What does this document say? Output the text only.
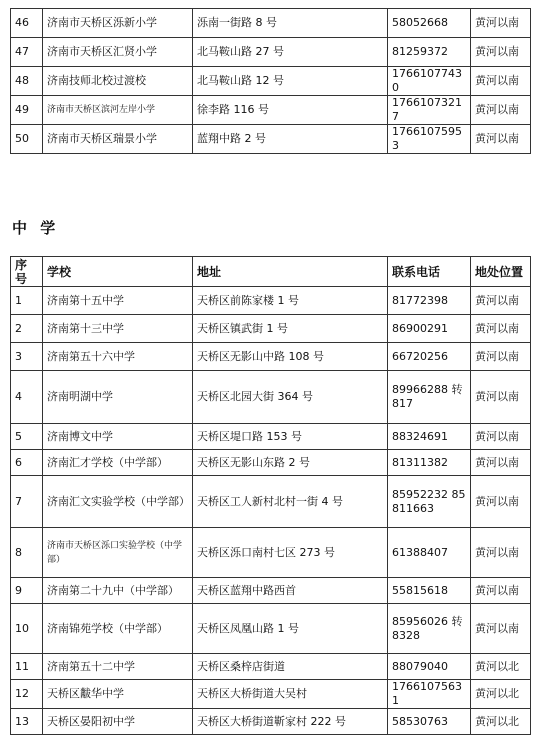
46	济南市天桥区泺新小学	泺南一街路 8 号	58052668	黄河以南
47	济南市天桥区汇贤小学	北马鞍山路 27 号	81259372	黄河以南
48	济南技师北校过渡校	北马鞍山路 12 号	17661077430	黄河以南
49	济南市天桥区滨河左岸小学	徐李路 116 号	17661073217	黄河以南
50	济南市天桥区瑞景小学	蓝翔中路 2 号	17661075953	黄河以南
中 学
序号	学校	地址	联系电话	地处位置
1	济南第十五中学	天桥区前陈家楼 1 号	81772398	黄河以南
2	济南第十三中学	天桥区镇武街 1 号	86900291	黄河以南
3	济南第五十六中学	天桥区无影山中路 108 号	66720256	黄河以南
4	济南明湖中学	天桥区北园大街 364 号	89966288 转 817	黄河以南
5	济南博文中学	天桥区堤口路 153 号	88324691	黄河以南
6	济南汇才学校（中学部）	天桥区无影山东路 2 号	81311382	黄河以南
7	济南汇文实验学校（中学部）	天桥区工人新村北村一街 4 号	85952232 85811663	黄河以南
8	济南市天桥区泺口实验学校（中学部）	天桥区泺口南村七区 273 号	61388407	黄河以南
9	济南第二十九中（中学部）	天桥区蓝翔中路西首	55815618	黄河以南
10	济南锦苑学校（中学部）	天桥区凤凰山路 1 号	85956026 转 8328	黄河以南
11	济南第五十二中学	天桥区桑梓店街道	88079040	黄河以北
12	天桥区黻华中学	天桥区大桥街道大吴村	17661075631	黄河以北
13	天桥区晏阳初中学	天桥区大桥街道靳家村 222 号	58530763	黄河以北
